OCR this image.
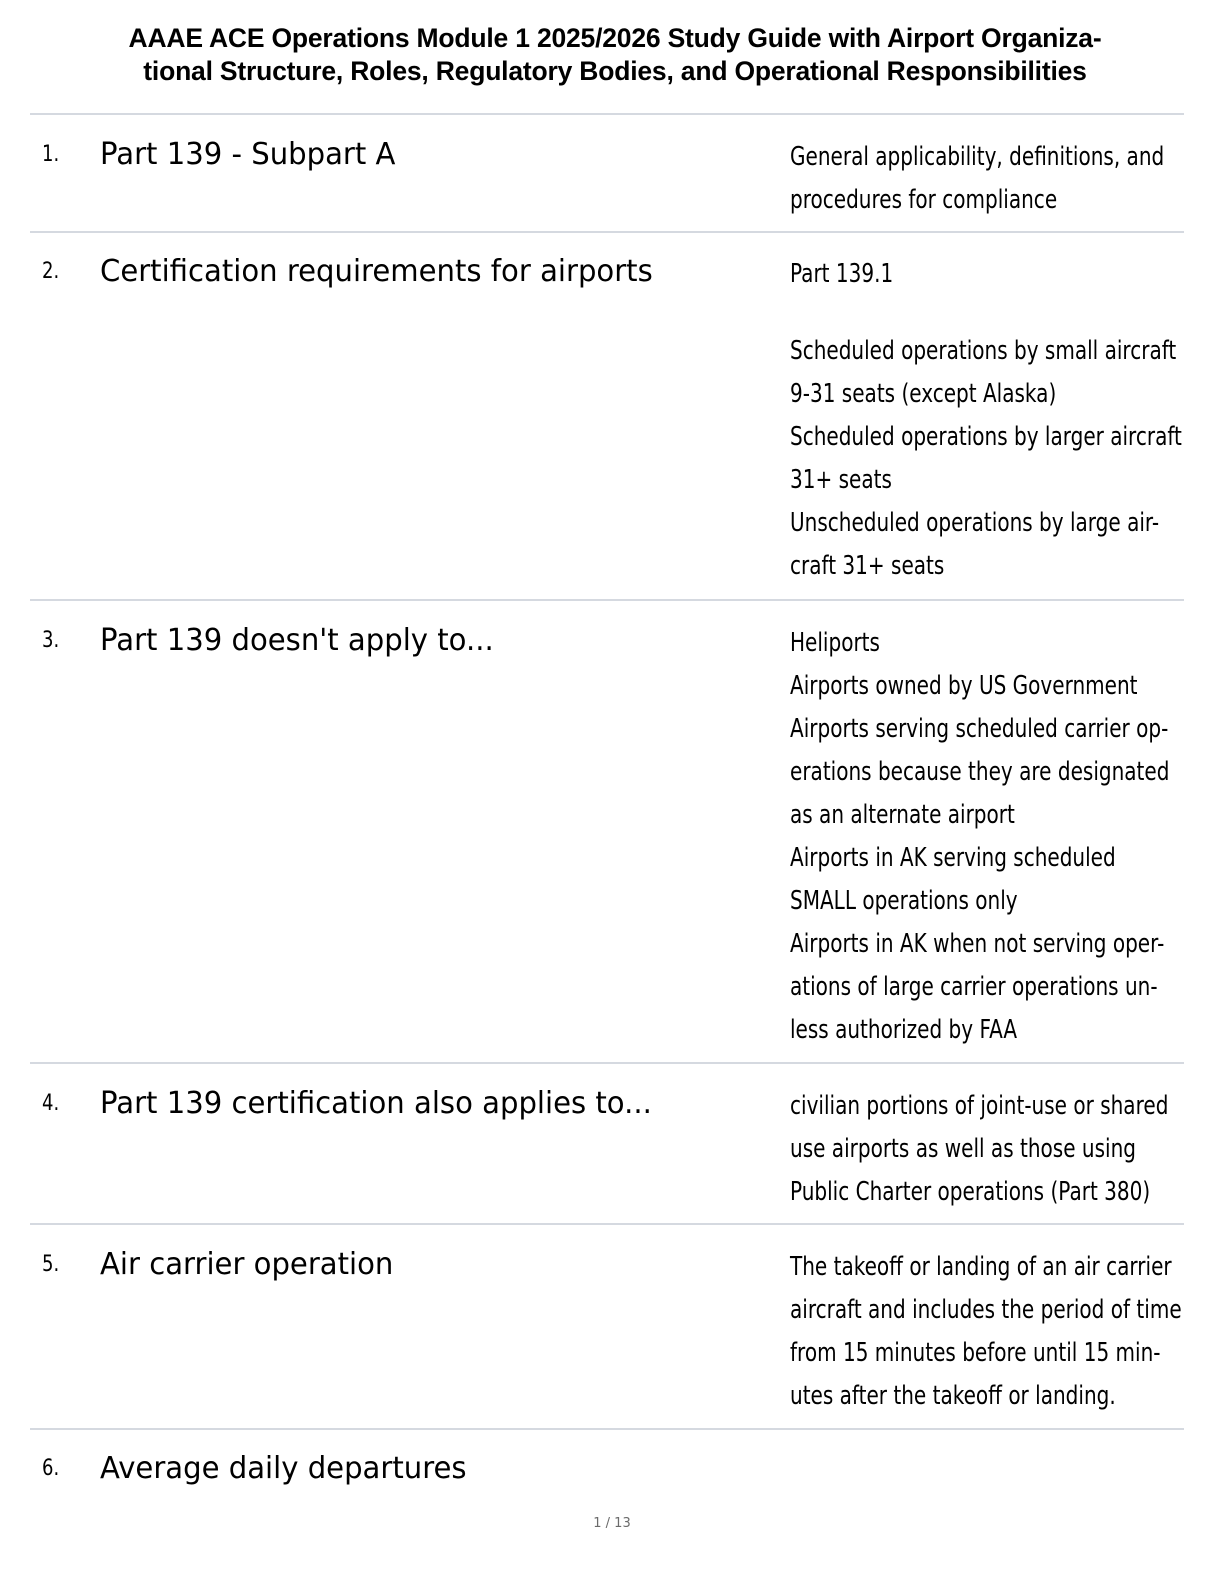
AAAE ACE Operations Module 1 2025/2026 Study Guide with Airport Organiza-
tional Structure, Roles, Regulatory Bodies, and Operational Responsibilities
1. Part 139 - Subpart A	General applicability, definitions, and
procedures for compliance
2. Certification requirements for airports	Part 139.1
Scheduled operations by small aircraft
9-31 seats (except Alaska)
Scheduled operations by larger aircraft
31+ seats
Unscheduled operations by large air-
craft 31+ seats
3. Part 139 doesn't apply to...	Heliports
Airports owned by US Government
Airports serving scheduled carrier op-
erations because they are designated
as an alternate airport
Airports in AK serving scheduled
SMALL operations only
Airports in AK when not serving oper-
ations of large carrier operations un-
less authorized by FAA
4. Part 139 certification also applies to...	civilian portions of joint-use or shared
use airports as well as those using
Public Charter operations (Part 380)
5. Air carrier operation	The takeoff or landing of an air carrier
aircraft and includes the period of time
from 15 minutes before until 15 min-
utes after the takeoff or landing.
6. Average daily departures
1 / 13
